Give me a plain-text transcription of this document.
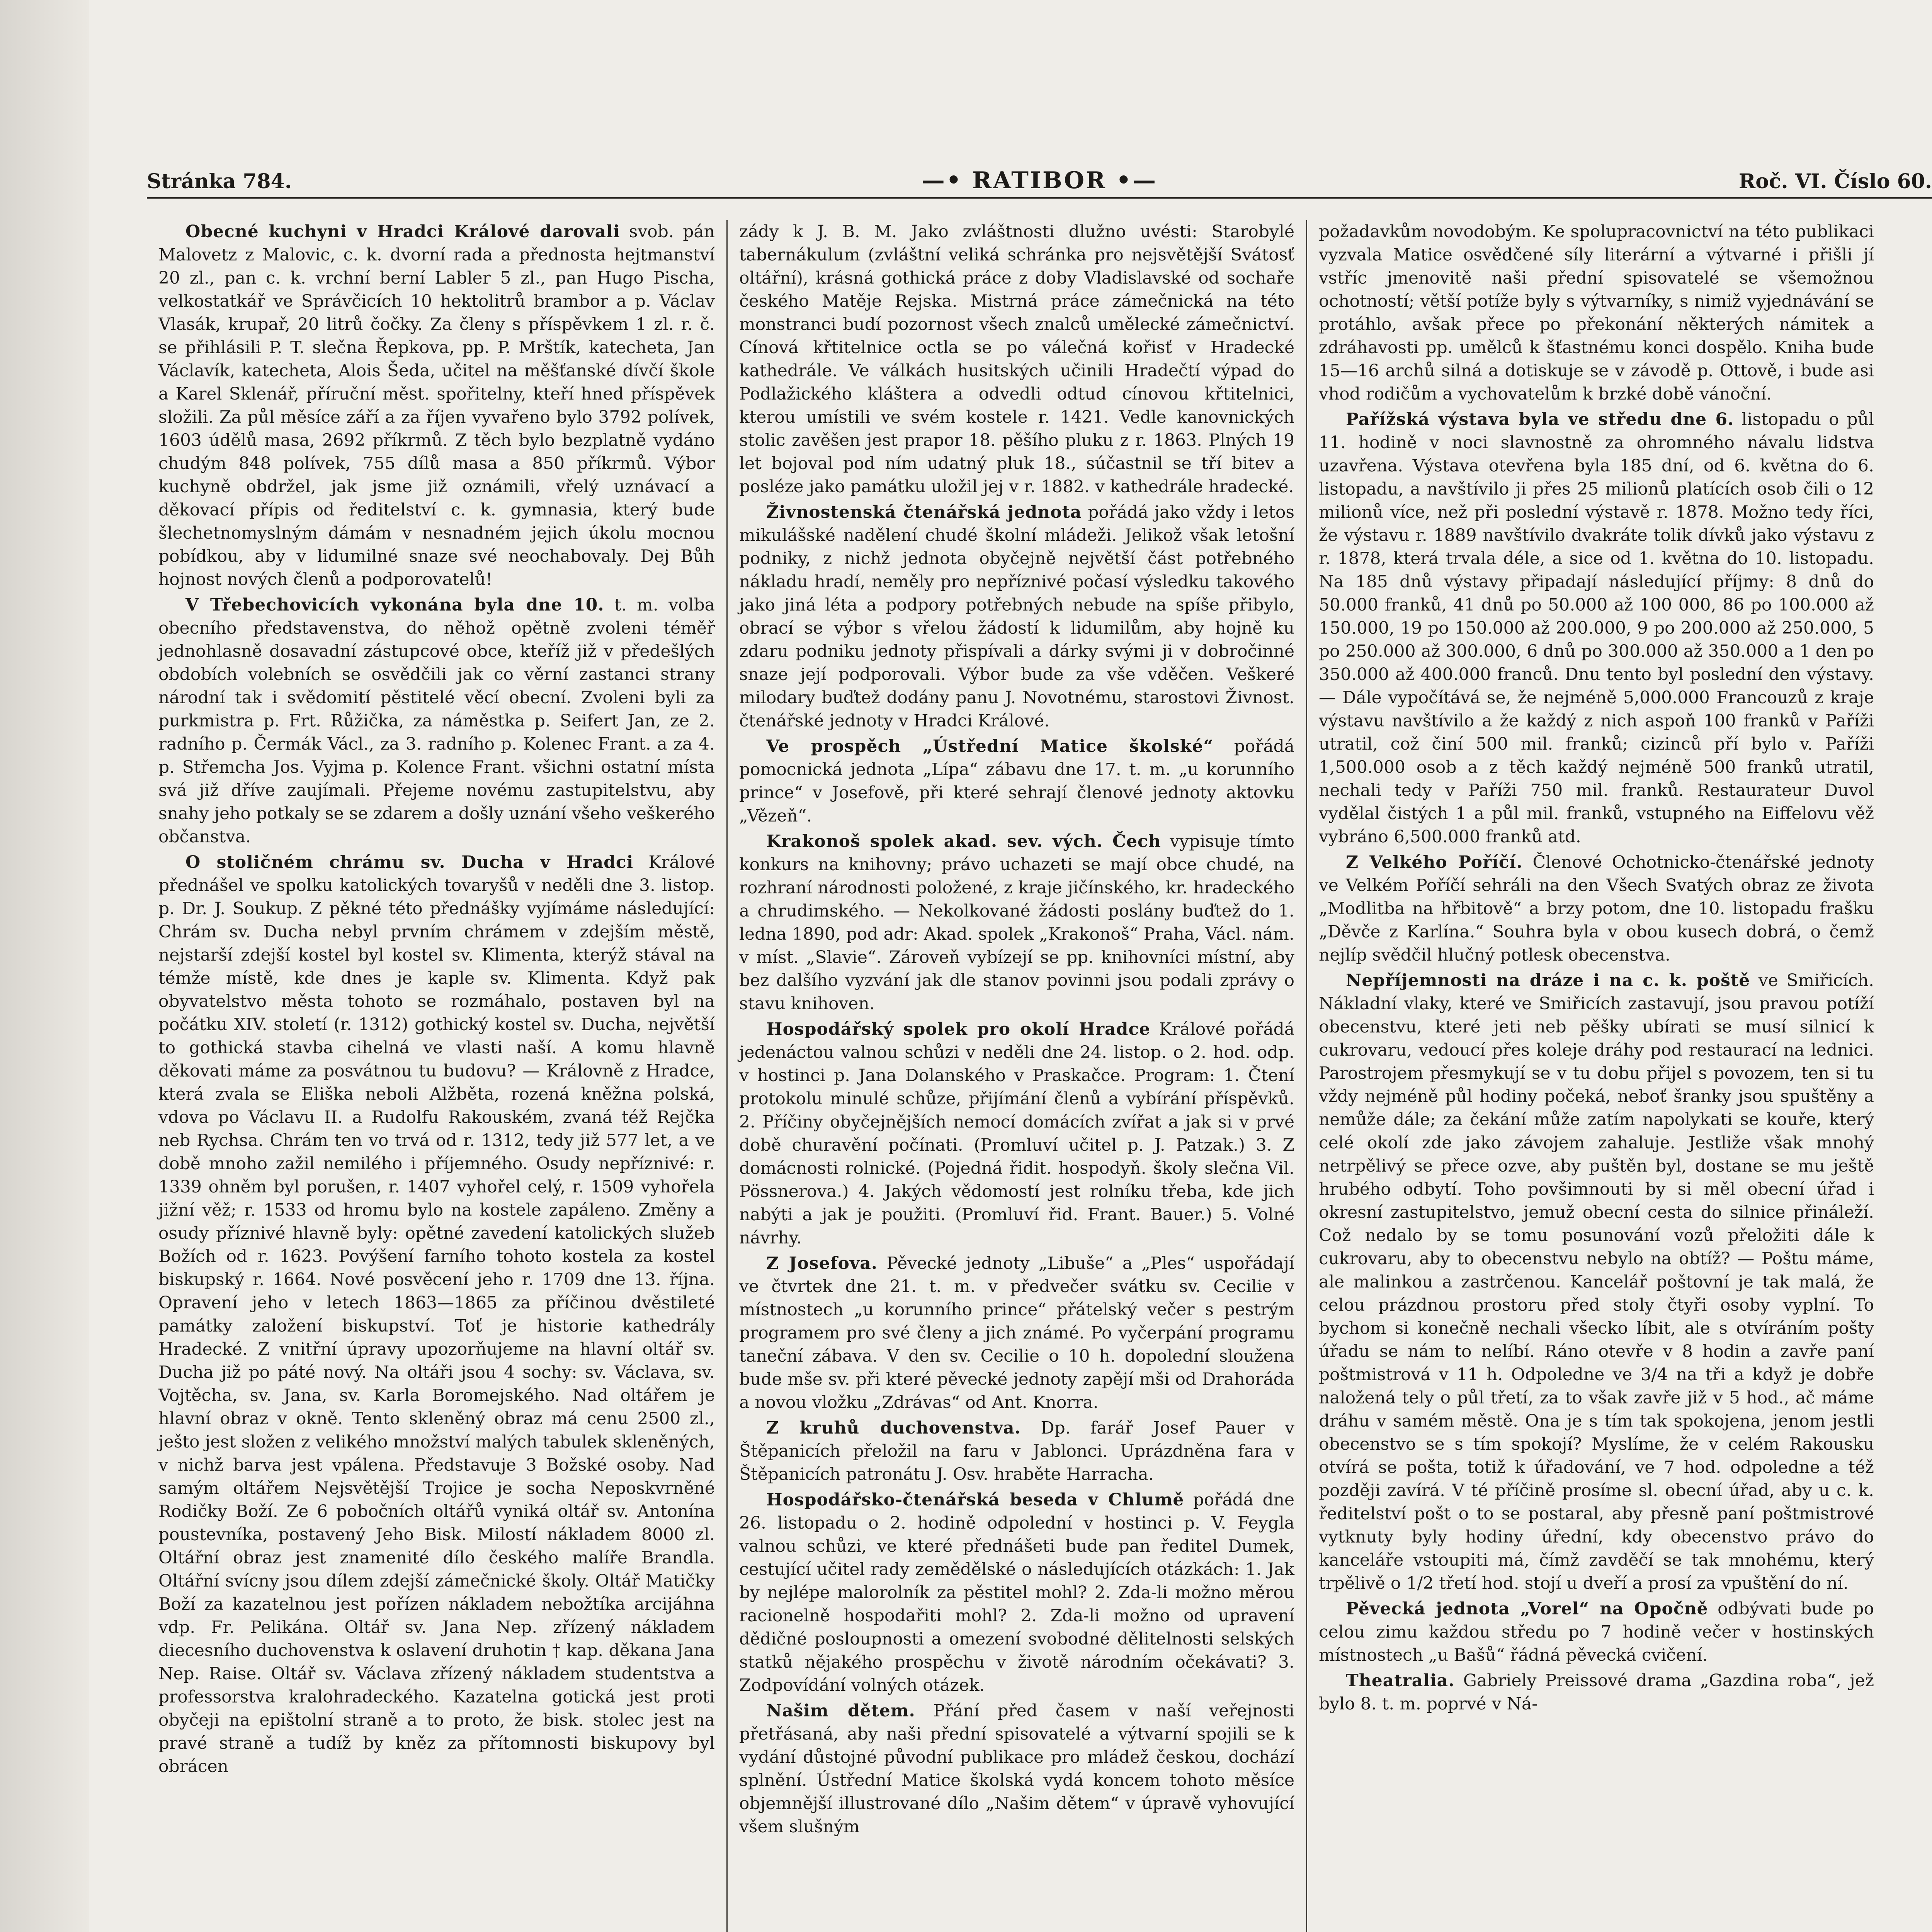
Stránka 784.	—• RATIBOR •—	Roč. VI. Číslo 60.

Obecné kuchyni v Hradci Králové darovali svob. pán Malovetz z Malovic, c. k. dvorní rada a přednosta hejtmanství 20 zl., pan c. k. vrchní berní Labler 5 zl., pan Hugo Pischa, velkostatkář ve Správčicích 10 hektolitrů brambor a p. Václav Vlasák, krupař, 20 litrů čočky. Za členy s příspěvkem 1 zl. r. č. se přihlásili P. T. slečna Řepkova, pp. P. Mrštík, katecheta, Jan Václavík, katecheta, Alois Šeda, učitel na měšťanské dívčí škole a Karel Sklenář, příruční měst. spořitelny, kteří hned příspěvek složili. Za půl měsíce září a za říjen vyvařeno bylo 3792 polívek, 1603 údělů masa, 2692 příkrmů. Z těch bylo bezplatně vydáno chudým 848 polívek, 755 dílů masa a 850 příkrmů. Výbor kuchyně obdržel, jak jsme již oznámili, vřelý uznávací a děkovací přípis od ředitelství c. k. gymnasia, který bude šlechetnomyslným dámám v nesnadném jejich úkolu mocnou pobídkou, aby v lidumilné snaze své neochabovaly. Dej Bůh hojnost nových členů a podporovatelů!

V Třebechovicích vykonána byla dne 10. t. m. volba obecního představenstva, do něhož opětně zvoleni téměř jednohlasně dosavadní zástupcové obce, kteříž již v předešlých obdobích volebních se osvědčili jak co věrní zastanci strany národní tak i svědomití pěstitelé věcí obecní. Zvoleni byli za purkmistra p. Frt. Růžička, za náměstka p. Seifert Jan, ze 2. radního p. Čermák Václ., za 3. radního p. Kolenec Frant. a za 4. p. Střemcha Jos. Vyjma p. Kolence Frant. všichni ostatní místa svá již dříve zaujímali. Přejeme novému zastupitelstvu, aby snahy jeho potkaly se se zdarem a došly uznání všeho veškerého občanstva.

O stoličném chrámu sv. Ducha v Hradci Králové přednášel ve spolku katolických tovaryšů v neděli dne 3. listop. p. Dr. J. Soukup. Z pěkné této přednášky vyjímáme následující: Chrám sv. Ducha nebyl prvním chrámem v zdejším městě, nejstarší zdejší kostel byl kostel sv. Klimenta, kterýž stával na témže místě, kde dnes je kaple sv. Klimenta. Když pak obyvatelstvo města tohoto se rozmáhalo, postaven byl na počátku XIV. století (r. 1312) gothický kostel sv. Ducha, největší to gothická stavba cihelná ve vlasti naší. A komu hlavně děkovati máme za posvátnou tu budovu? — Královně z Hradce, která zvala se Eliška neboli Alžběta, rozená kněžna polská, vdova po Václavu II. a Rudolfu Rakouském, zvaná též Rejčka neb Rychsa. Chrám ten vo trvá od r. 1312, tedy již 577 let, a ve době mnoho zažil nemilého i příjemného. Osudy nepříznivé: r. 1339 ohněm byl porušen, r. 1407 vyhořel celý, r. 1509 vyhořela jižní věž; r. 1533 od hromu bylo na kostele zapáleno. Změny a osudy příznivé hlavně byly: opětné zavedení katolických služeb Božích od r. 1623. Povýšení farního tohoto kostela za kostel biskupský r. 1664. Nové posvěcení jeho r. 1709 dne 13. října. Opravení jeho v letech 1863—1865 za příčinou dvěstileté památky založení biskupství. Toť je historie kathedrály Hradecké. Z vnitřní úpravy upozorňujeme na hlavní oltář sv. Ducha již po páté nový. Na oltáři jsou 4 sochy: sv. Václava, sv. Vojtěcha, sv. Jana, sv. Karla Boromejského. Nad oltářem je hlavní obraz v okně. Tento skleněný obraz má cenu 2500 zl., ješto jest složen z velikého množství malých tabulek skleněných, v nichž barva jest vpálena. Představuje 3 Božské osoby. Nad samým oltářem Nejsvětější Trojice je socha Neposkvrněné Rodičky Boží. Ze 6 pobočních oltářů vyniká oltář sv. Antonína poustevníka, postavený Jeho Bisk. Milostí nákladem 8000 zl. Oltářní obraz jest znamenité dílo českého malíře Brandla. Oltářní svícny jsou dílem zdejší zámečnické školy. Oltář Matičky Boží za kazatelnou jest pořízen nákladem nebožtíka arcijáhna vdp. Fr. Pelikána. Oltář sv. Jana Nep. zřízený nákladem diecesního duchovenstva k oslavení druhotin † kap. děkana Jana Nep. Raise. Oltář sv. Václava zřízený nákladem studentstva a professorstva kralohradeckého. Kazatelna gotická jest proti obyčeji na epištolní straně a to proto, že bisk. stolec jest na pravé straně a tudíž by kněz za přítomnosti biskupovy byl obrácen

zády k J. B. M. Jako zvláštnosti dlužno uvésti: Starobylé tabernákulum (zvláštní veliká schránka pro nejsvětější Svátosť oltářní), krásná gothická práce z doby Vladislavské od sochaře českého Matěje Rejska. Mistrná práce zámečnická na této monstranci budí pozornost všech znalců umělecké zámečnictví. Cínová křtitelnice octla se po válečná kořisť v Hradecké kathedrále. Ve válkách husitských učinili Hradečtí výpad do Podlažického kláštera a odvedli odtud cínovou křtitelnici, kterou umístili ve svém kostele r. 1421. Vedle kanovnických stolic zavěšen jest prapor 18. pěšího pluku z r. 1863. Plných 19 let bojoval pod ním udatný pluk 18., súčastnil se tří bitev a posléze jako památku uložil jej v r. 1882. v kathedrále hradecké.

Živnostenská čtenářská jednota pořádá jako vždy i letos mikulášské nadělení chudé školní mládeži. Jelikož však letošní podniky, z nichž jednota obyčejně největší část potřebného nákladu hradí, neměly pro nepříznivé počasí výsledku takového jako jiná léta a podpory potřebných nebude na spíše přibylo, obrací se výbor s vřelou žádostí k lidumilům, aby hojně ku zdaru podniku jednoty přispívali a dárky svými ji v dobročinné snaze její podporovali. Výbor bude za vše vděčen. Veškeré milodary buďtež dodány panu J. Novotnému, starostovi Živnost. čtenářské jednoty v Hradci Králové.

Ve prospěch „Ústřední Matice školské“ pořádá pomocnická jednota „Lípa“ zábavu dne 17. t. m. „u korunního prince“ v Josefově, při které sehrají členové jednoty aktovku „Vězeň“.

Krakonoš spolek akad. sev. vých. Čech vypisuje tímto konkurs na knihovny; právo uchazeti se mají obce chudé, na rozhraní národnosti položené, z kraje jičínského, kr. hradeckého a chrudimského. — Nekolkované žádosti poslány buďtež do 1. ledna 1890, pod adr: Akad. spolek „Krakonoš“ Praha, Václ. nám. v míst. „Slavie“. Zároveň vybízejí se pp. knihovníci místní, aby bez dalšího vyzvání jak dle stanov povinni jsou podali zprávy o stavu knihoven.

Hospodářský spolek pro okolí Hradce Králové pořádá jedenáctou valnou schůzi v neděli dne 24. listop. o 2. hod. odp. v hostinci p. Jana Dolanského v Praskačce. Program: 1. Čtení protokolu minulé schůze, přijímání členů a vybírání příspěvků. 2. Příčiny obyčejnějších nemocí domácích zvířat a jak si v prvé době churavění počínati. (Promluví učitel p. J. Patzak.) 3. Z domácnosti rolnické. (Pojedná řidit. hospodyň. školy slečna Vil. Pössnerova.) 4. Jakých vědomostí jest rolníku třeba, kde jich nabýti a jak je použiti. (Promluví řid. Frant. Bauer.) 5. Volné návrhy.

Z Josefova. Pěvecké jednoty „Libuše“ a „Ples“ uspořádají ve čtvrtek dne 21. t. m. v předvečer svátku sv. Cecilie v místnostech „u korunního prince“ přátelský večer s pestrým programem pro své členy a jich známé. Po vyčerpání programu taneční zábava. V den sv. Cecilie o 10 h. dopolední sloužena bude mše sv. při které pěvecké jednoty zapějí mši od Drahoráda a novou vložku „Zdrávas“ od Ant. Knorra.

Z kruhů duchovenstva. Dp. farář Josef Pauer v Štěpanicích přeložil na faru v Jablonci. Uprázdněna fara v Štěpanicích patronátu J. Osv. hraběte Harracha.

Hospodářsko-čtenářská beseda v Chlumě pořádá dne 26. listopadu o 2. hodině odpolední v hostinci p. V. Feygla valnou schůzi, ve které přednášeti bude pan ředitel Dumek, cestující učitel rady zemědělské o následujících otázkách: 1. Jak by nejlépe malorolník za pěstitel mohl? 2. Zda-li možno měrou racionelně hospodařiti mohl? 2. Zda-li možno od upravení dědičné posloupnosti a omezení svobodné dělitelnosti selských statků nějakého prospěchu v životě národním očekávati? 3. Zodpovídání volných otázek.

Našim dětem. Přání před časem v naší veřejnosti přetřásaná, aby naši přední spisovatelé a výtvarní spojili se k vydání důstojné původní publikace pro mládež českou, dochází splnění. Ústřední Matice školská vydá koncem tohoto měsíce objemnější illustrované dílo „Našim dětem“ v úpravě vyhovující všem slušným

požadavkům novodobým. Ke spolupracovnictví na této publikaci vyzvala Matice osvědčené síly literární a výtvarné i přišli jí vstříc jmenovitě naši přední spisovatelé se všemožnou ochotností; větší potíže byly s výtvarníky, s nimiž vyjednávání se protáhlo, avšak přece po překonání některých námitek a zdráhavosti pp. umělců k šťastnému konci dospělo. Kniha bude 15—16 archů silná a dotiskuje se v závodě p. Ottově, i bude asi vhod rodičům a vychovatelům k brzké době vánoční.

Pařížská výstava byla ve středu dne 6. listopadu o půl 11. hodině v noci slavnostně za ohromného návalu lidstva uzavřena. Výstava otevřena byla 185 dní, od 6. května do 6. listopadu, a navštívilo ji přes 25 milionů platících osob čili o 12 milionů více, než při poslední výstavě r. 1878. Možno tedy říci, že výstavu r. 1889 navštívilo dvakráte tolik dívků jako výstavu z r. 1878, která trvala déle, a sice od 1. května do 10. listopadu. Na 185 dnů výstavy připadají následující příjmy: 8 dnů do 50.000 franků, 41 dnů po 50.000 až 100 000, 86 po 100.000 až 150.000, 19 po 150.000 až 200.000, 9 po 200.000 až 250.000, 5 po 250.000 až 300.000, 6 dnů po 300.000 až 350.000 a 1 den po 350.000 až 400.000 franců. Dnu tento byl poslední den výstavy. — Dále vypočítává se, že nejméně 5,000.000 Francouzů z kraje výstavu navštívilo a že každý z nich aspoň 100 franků v Paříži utratil, což činí 500 mil. franků; cizinců pří bylo v. Paříži 1,500.000 osob a z těch každý nejméně 500 franků utratil, nechali tedy v Paříži 750 mil. franků. Restaurateur Duvol vydělal čistých 1 a půl mil. franků, vstupného na Eiffelovu věž vybráno 6,500.000 franků atd.

Z Velkého Poříčí. Členové Ochotnicko-čtenářské jednoty ve Velkém Poříčí sehráli na den Všech Svatých obraz ze života „Modlitba na hřbitově“ a brzy potom, dne 10. listopadu frašku „Děvče z Karlína.“ Souhra byla v obou kusech dobrá, o čemž nejlíp svědčil hlučný potlesk obecenstva.

Nepříjemnosti na dráze i na c. k. poště ve Smiřicích. Nákladní vlaky, které ve Smiřicích zastavují, jsou pravou potíží obecenstvu, které jeti neb pěšky ubírati se musí silnicí k cukrovaru, vedoucí přes koleje dráhy pod restaurací na lednici. Parostrojem přesmykují se v tu dobu přijel s povozem, ten si tu vždy nejméně půl hodiny počeká, neboť šranky jsou spuštěny a nemůže dále; za čekání může zatím napolykati se kouře, který celé okolí zde jako závojem zahaluje. Jestliže však mnohý netrpělivý se přece ozve, aby puštěn byl, dostane se mu ještě hrubého odbytí. Toho povšimnouti by si měl obecní úřad i okresní zastupitelstvo, jemuž obecní cesta do silnice přináleží. Což nedalo by se tomu posunování vozů přeložiti dále k cukrovaru, aby to obecenstvu nebylo na obtíž? — Poštu máme, ale malinkou a zastrčenou. Kancelář poštovní je tak malá, že celou prázdnou prostoru před stoly čtyři osoby vyplní. To bychom si konečně nechali všecko líbit, ale s otvíráním pošty úřadu se nám to nelíbí. Ráno otevře v 8 hodin a zavře paní poštmistrová v 11 h. Odpoledne ve 3/4 na tři a když je dobře naložená tely o půl třetí, za to však zavře již v 5 hod., ač máme dráhu v samém městě. Ona je s tím tak spokojena, jenom jestli obecenstvo se s tím spokojí? Myslíme, že v celém Rakousku otvírá se pošta, totiž k úřadování, ve 7 hod. odpoledne a též později zavírá. V té příčině prosíme sl. obecní úřad, aby u c. k. ředitelství pošt o to se postaral, aby přesně paní poštmistrové vytknuty byly hodiny úřední, kdy obecenstvo právo do kanceláře vstoupiti má, čímž zavděčí se tak mnohému, který trpělivě o 1/2 třetí hod. stojí u dveří a prosí za vpuštění do ní.

Pěvecká jednota „Vorel“ na Opočně odbývati bude po celou zimu každou středu po 7 hodině večer v hostinských místnostech „u Bašů“ řádná pěvecká cvičení.

Theatralia. Gabriely Preissové drama „Gazdina roba“, jež bylo 8. t. m. poprvé v Ná-
